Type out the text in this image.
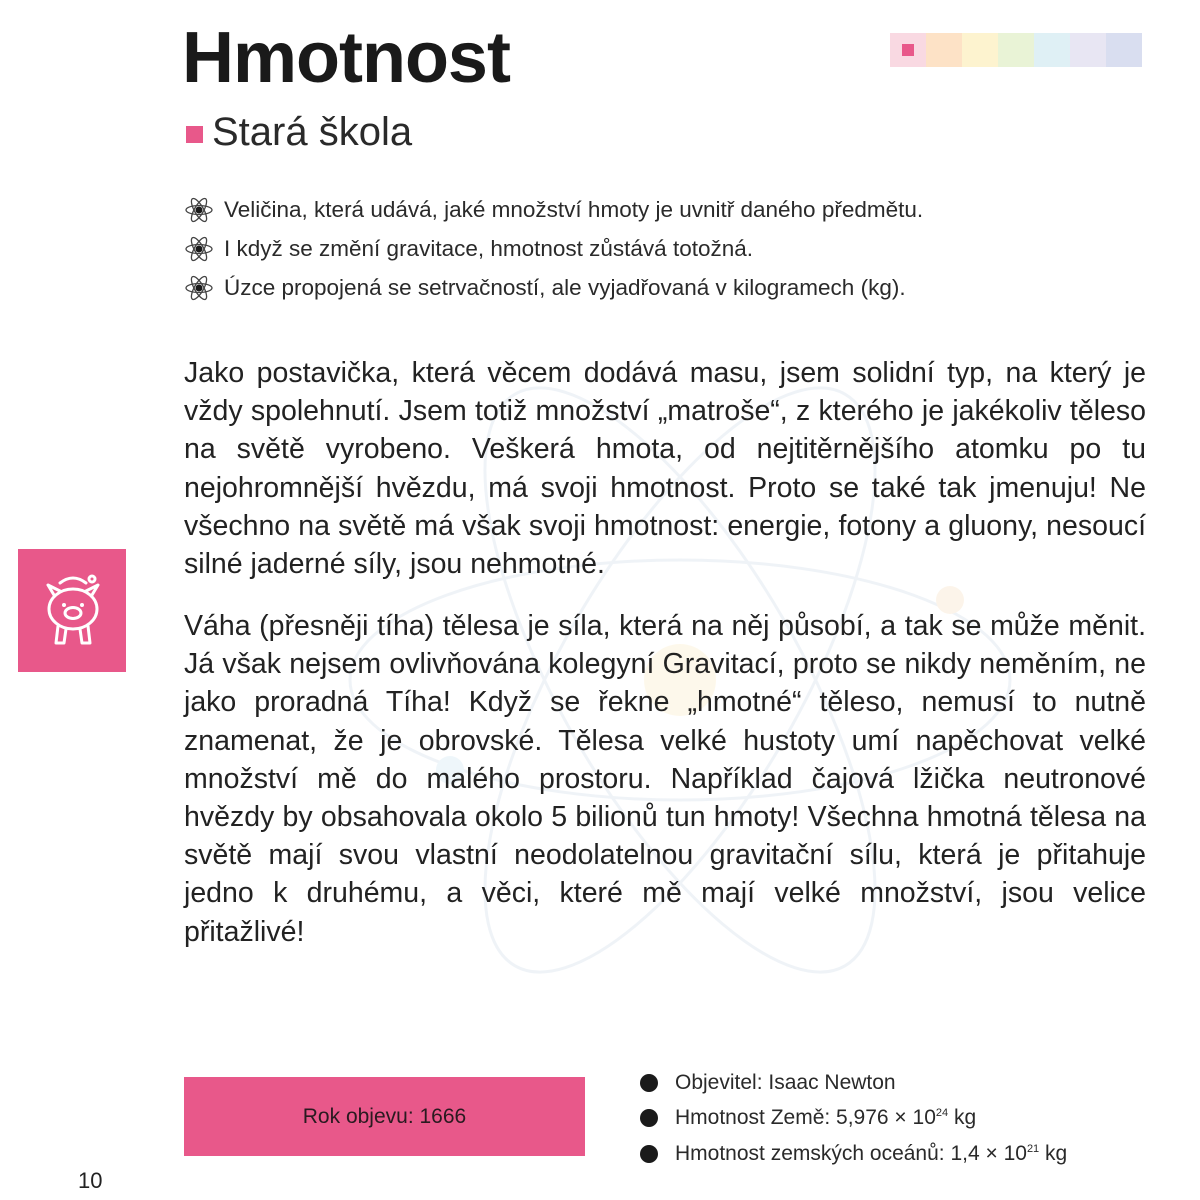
Hmotnost
Stará škola
Veličina, která udává, jaké množství hmoty je uvnitř daného předmětu.
I když se změní gravitace, hmotnost zůstává totožná.
Úzce propojená se setrvačností, ale vyjadřovaná v kilogramech (kg).

Jako postavička, která věcem dodává masu, jsem solidní typ, na který je vždy spolehnutí. Jsem totiž množství „matroše“, z kterého je jakékoliv těleso na světě vyrobeno. Veškerá hmota, od nejtitěrnějšího atomku po tu nejohromnější hvězdu, má svoji hmotnost. Proto se také tak jmenuju! Ne všechno na světě má však svoji hmotnost: energie, fotony a gluony, nesoucí silné jaderné síly, jsou nehmotné.

Váha (přesněji tíha) tělesa je síla, která na něj působí, a tak se může měnit. Já však nejsem ovlivňována kolegyní Gravitací, proto se nikdy neměním, ne jako proradná Tíha! Když se řekne „hmotné“ těleso, nemusí to nutně znamenat, že je obrovské. Tělesa velké hustoty umí napěchovat velké množství mě do malého prostoru. Například čajová lžička neutronové hvězdy by obsahovala okolo 5 bilionů tun hmoty! Všechna hmotná tělesa na světě mají svou vlastní neodolatelnou gravitační sílu, která je přitahuje jedno k druhému, a věci, které mě mají velké množství, jsou velice přitažlivé!

Rok objevu: 1666
Objevitel: Isaac Newton
Hmotnost Země: $5,976 \times 10^{24}$ kg
Hmotnost zemských oceánů: $1,4 \times 10^{21}$ kg
10
